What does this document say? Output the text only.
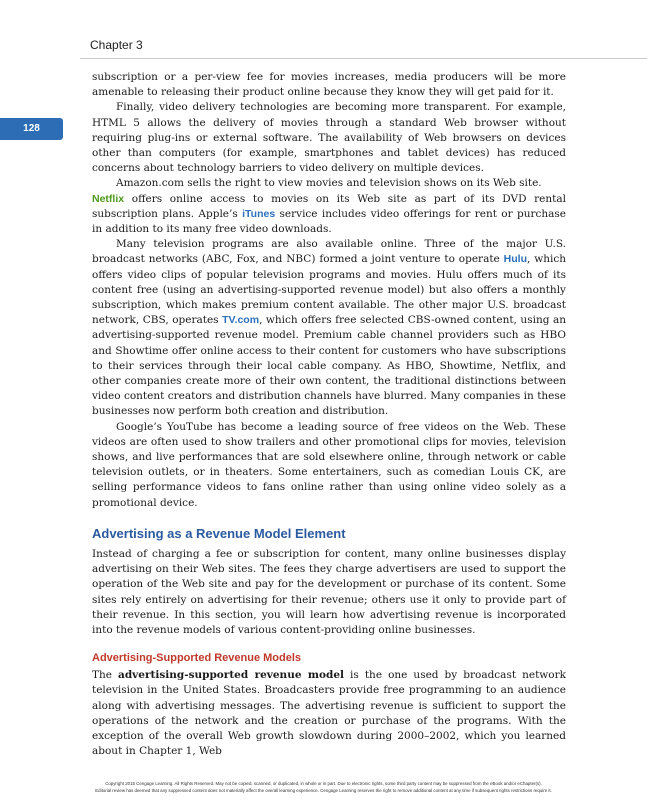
Chapter 3
128

subscription or a per-view fee for movies increases, media producers will be more amenable to releasing their product online because they know they will get paid for it.

Finally, video delivery technologies are becoming more transparent. For example, HTML 5 allows the delivery of movies through a standard Web browser without requiring plug-ins or external software. The availability of Web browsers on devices other than computers (for example, smartphones and tablet devices) has reduced concerns about technology barriers to video delivery on multiple devices.

Amazon.com sells the right to view movies and television shows on its Web site.
Netflix offers online access to movies on its Web site as part of its DVD rental subscription plans. Apple’s iTunes service includes video offerings for rent or purchase in addition to its many free video downloads.

Many television programs are also available online. Three of the major U.S. broadcast networks (ABC, Fox, and NBC) formed a joint venture to operate Hulu, which offers video clips of popular television programs and movies. Hulu offers much of its content free (using an advertising-supported revenue model) but also offers a monthly subscription, which makes premium content available. The other major U.S. broadcast network, CBS, operates TV.com, which offers free selected CBS-owned content, using an advertising-supported revenue model. Premium cable channel providers such as HBO and Showtime offer online access to their content for customers who have subscriptions to their services through their local cable company. As HBO, Showtime, Netflix, and other companies create more of their own content, the traditional distinctions between video content creators and distribution channels have blurred. Many companies in these businesses now perform both creation and distribution.

Google’s YouTube has become a leading source of free videos on the Web. These videos are often used to show trailers and other promotional clips for movies, television shows, and live performances that are sold elsewhere online, through network or cable television outlets, or in theaters. Some entertainers, such as comedian Louis CK, are selling performance videos to fans online rather than using online video solely as a promotional device.

Advertising as a Revenue Model Element

Instead of charging a fee or subscription for content, many online businesses display advertising on their Web sites. The fees they charge advertisers are used to support the operation of the Web site and pay for the development or purchase of its content. Some sites rely entirely on advertising for their revenue; others use it only to provide part of their revenue. In this section, you will learn how advertising revenue is incorporated into the revenue models of various content-providing online businesses.

Advertising-Supported Revenue Models

The advertising-supported revenue model is the one used by broadcast network television in the United States. Broadcasters provide free programming to an audience along with advertising messages. The advertising revenue is sufficient to support the operations of the network and the creation or purchase of the programs. With the exception of the overall Web growth slowdown during 2000–2002, which you learned about in Chapter 1, Web

Copyright 2015 Cengage Learning. All Rights Reserved. May not be copied, scanned, or duplicated, in whole or in part. Due to electronic rights, some third party content may be suppressed from the eBook and/or eChapter(s).
Editorial review has deemed that any suppressed content does not materially affect the overall learning experience. Cengage Learning reserves the right to remove additional content at any time if subsequent rights restrictions require it.
